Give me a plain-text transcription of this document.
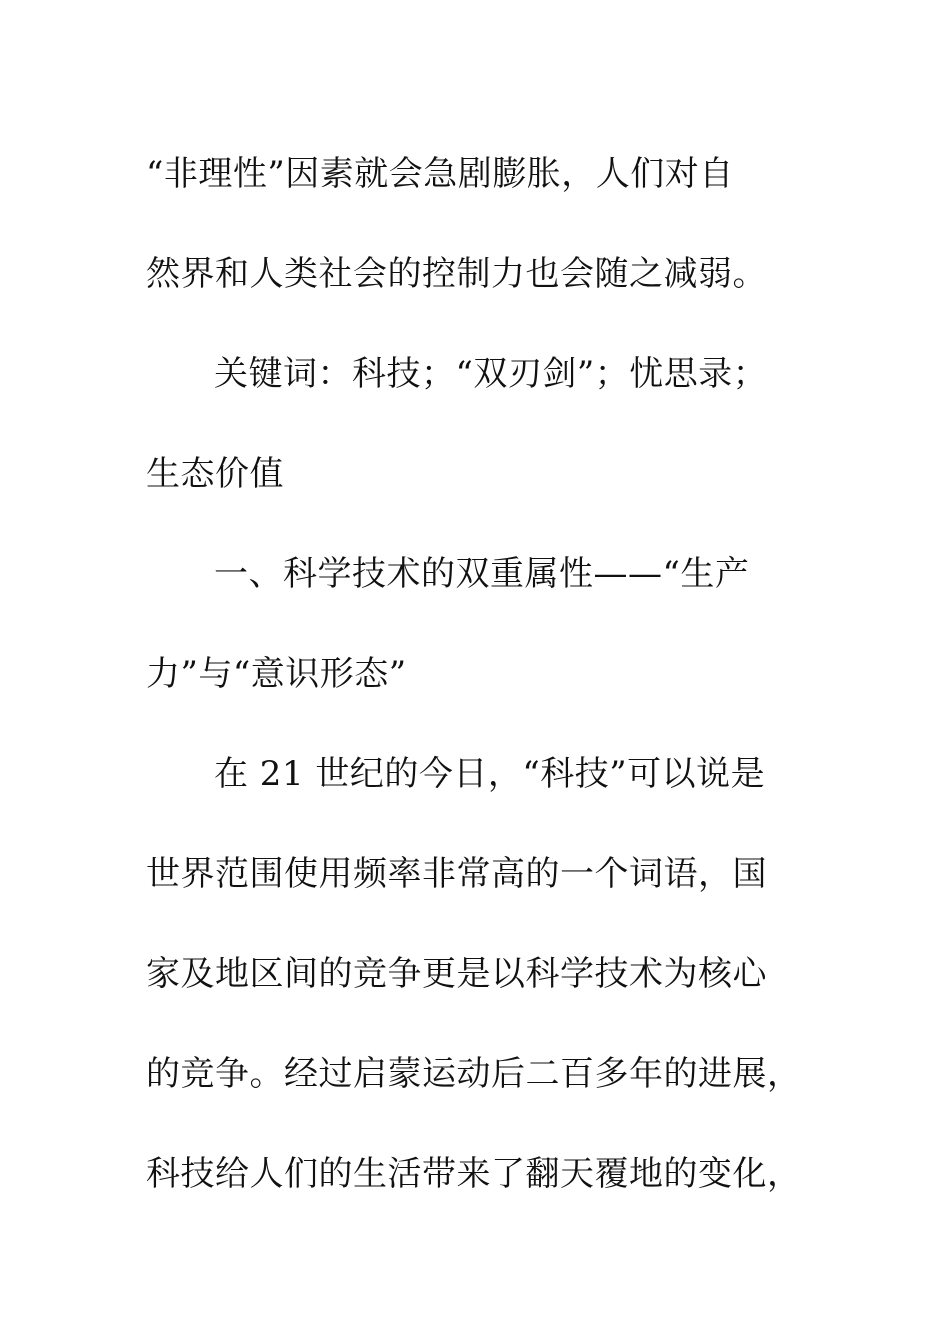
“非理性”因素就会急剧膨胀，人们对自
然界和人类社会的控制力也会随之减弱。
关键词：科技；“双刃剑”；忧思录；
生态价值
一、科学技术的双重属性——“生产
力”与“意识形态”
在 21 世纪的今日，“科技”可以说是
世界范围使用频率非常高的一个词语，国
家及地区间的竞争更是以科学技术为核心
的竞争。经过启蒙运动后二百多年的进展，
科技给人们的生活带来了翻天覆地的变化，
